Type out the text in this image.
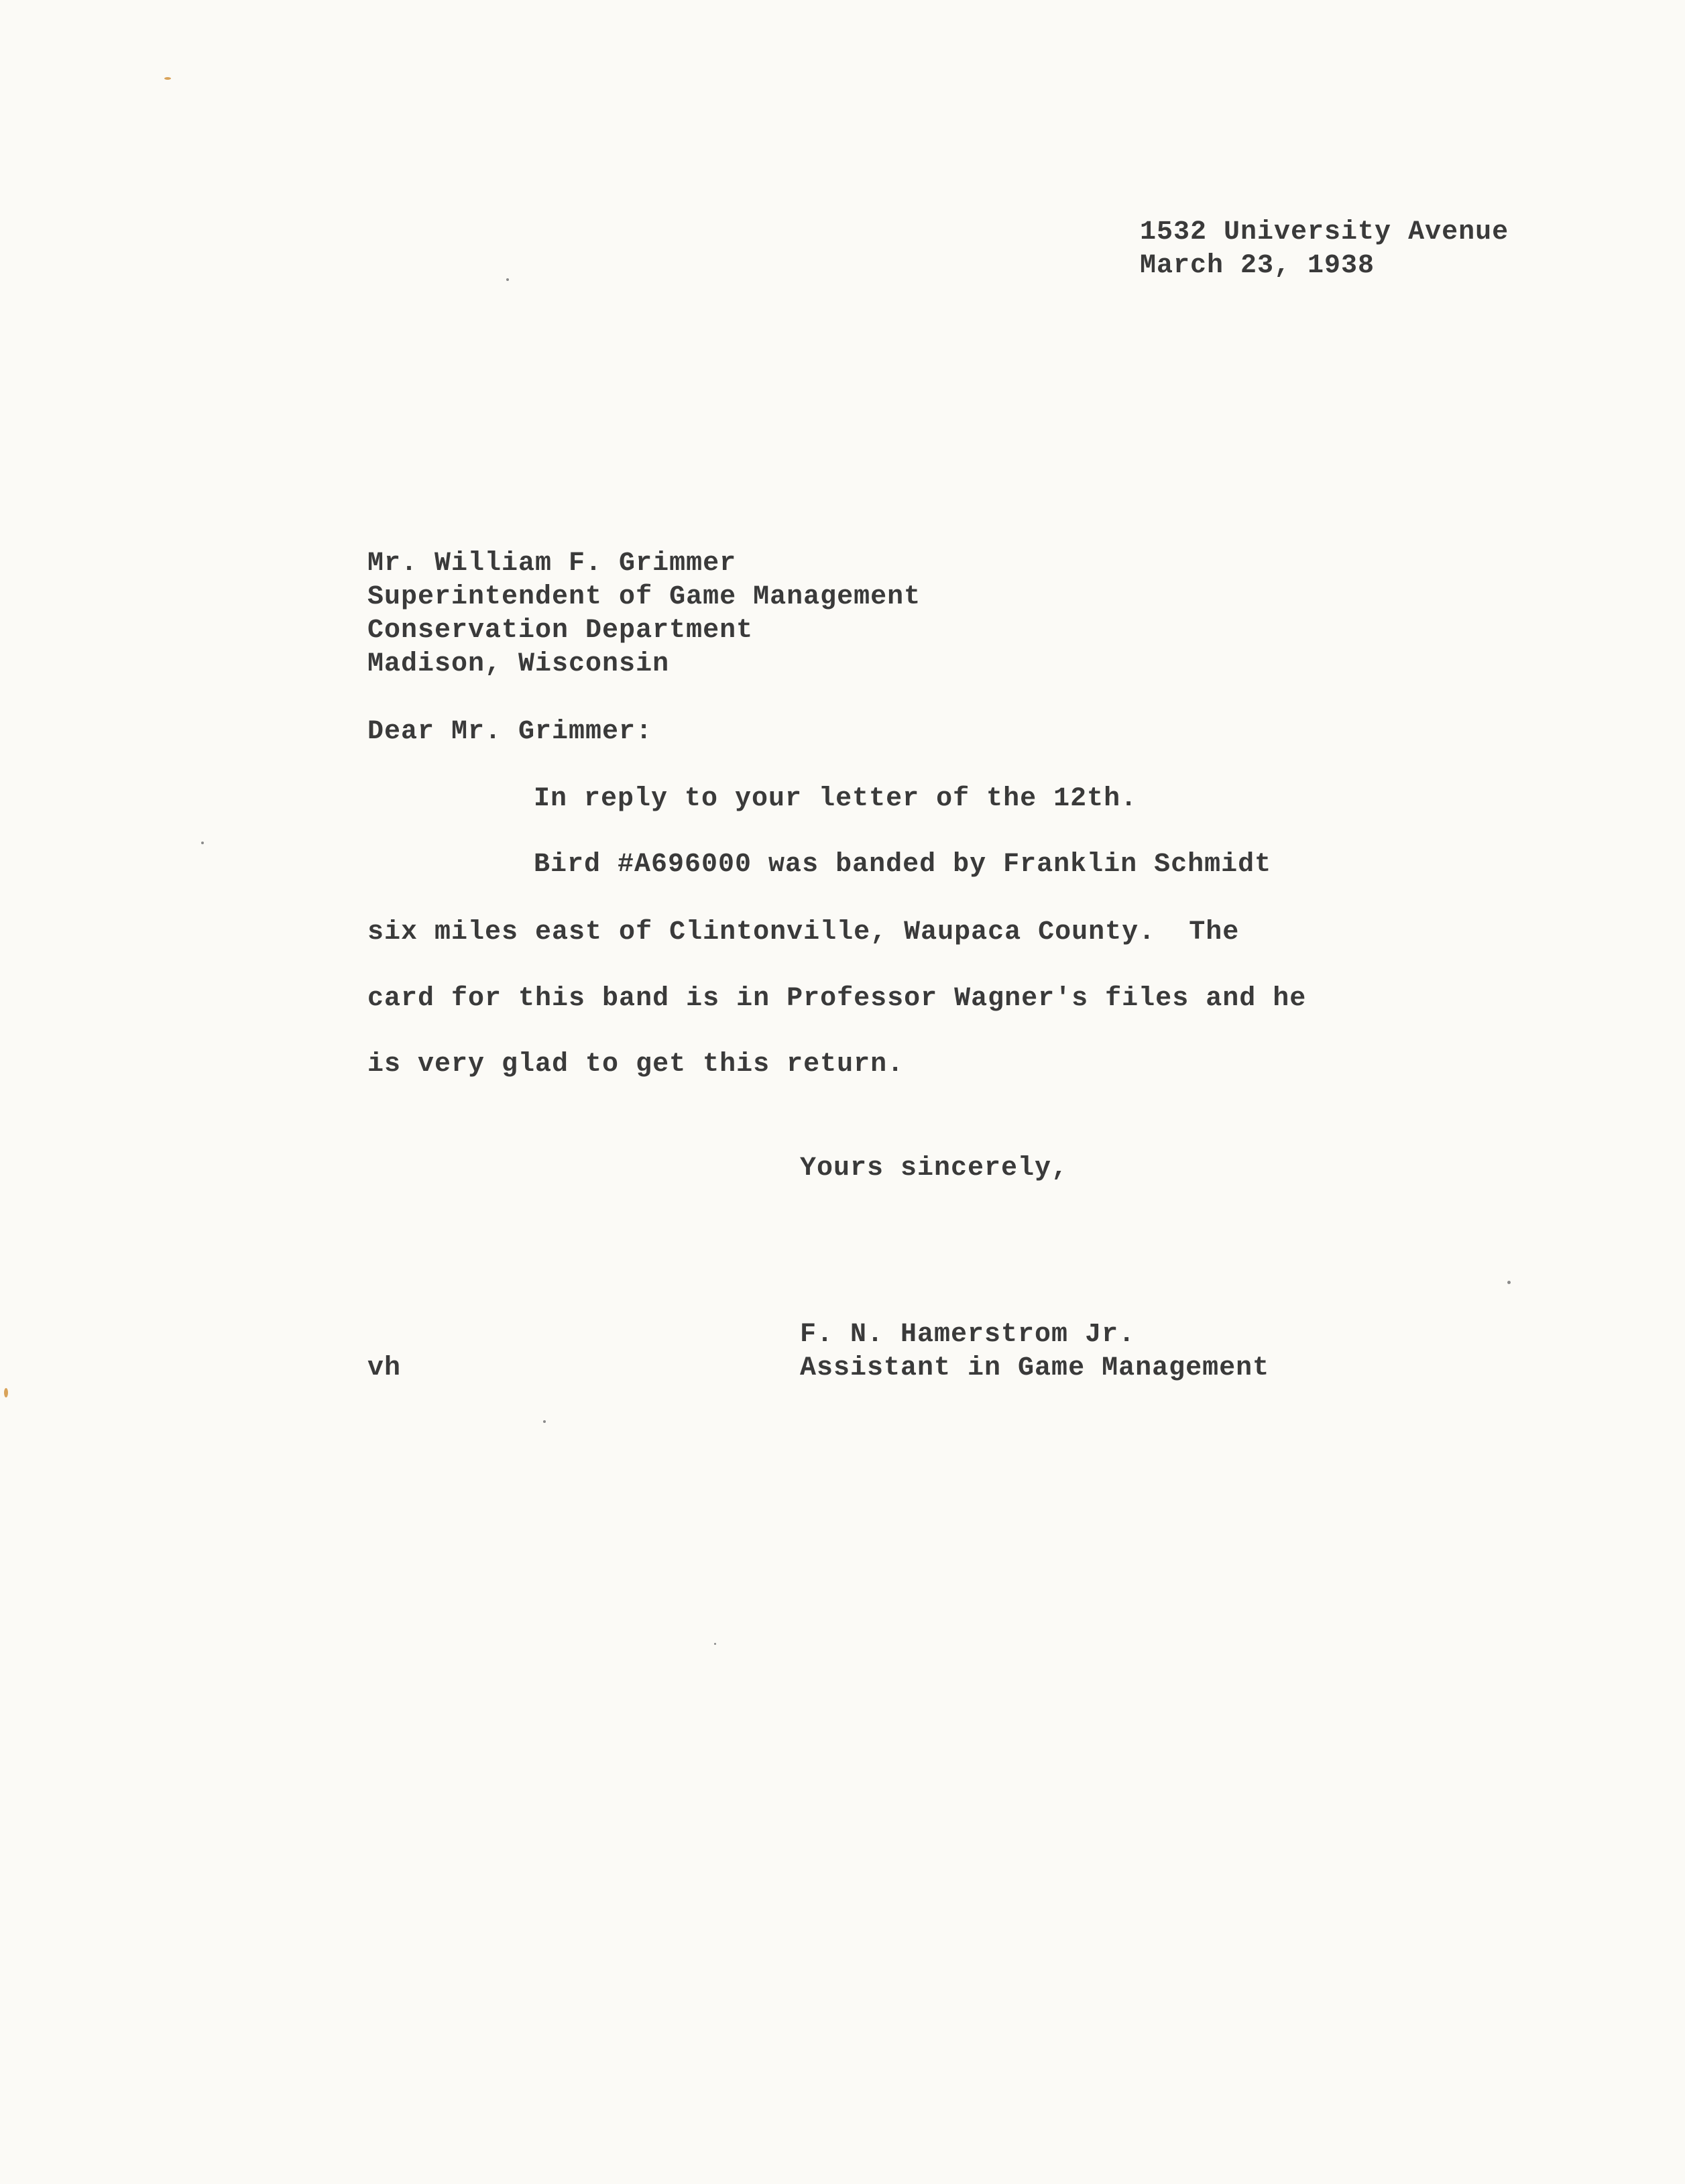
1532 University Avenue
March 23, 1938
Mr. William F. Grimmer
Superintendent of Game Management
Conservation Department
Madison, Wisconsin
Dear Mr. Grimmer:
In reply to your letter of the 12th.
Bird #A696000 was banded by Franklin Schmidt
six miles east of Clintonville, Waupaca County.  The
card for this band is in Professor Wagner's files and he
is very glad to get this return.
Yours sincerely,
F. N. Hamerstrom Jr.
Assistant in Game Management
vh
